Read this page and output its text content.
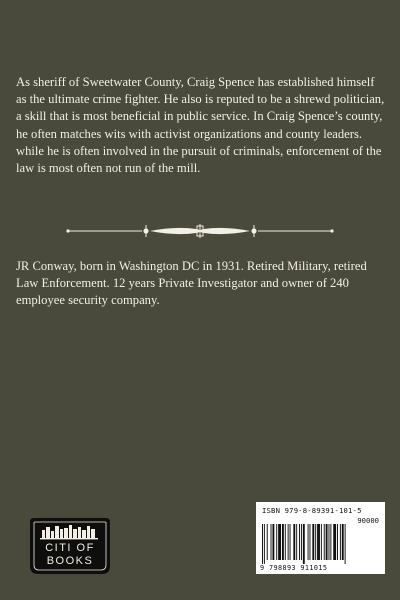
As sheriff of Sweetwater County, Craig Spence has established himself as the ultimate crime fighter. He also is reputed to be a shrewd politician, a skill that is most beneficial in public service. In Craig Spence’s county, he often matches wits with activist organizations and county leaders. while he is often involved in the pursuit of criminals, enforcement of the law is most often not run of the mill.

JR Conway, born in Washington DC in 1931. Retired Military, retired Law Enforcement. 12 years Private Investigator and owner of 240 employee security company.

CITI OF
BOOKS
ISBN 979-8-89391-101-5
90000
9 798893 911015
